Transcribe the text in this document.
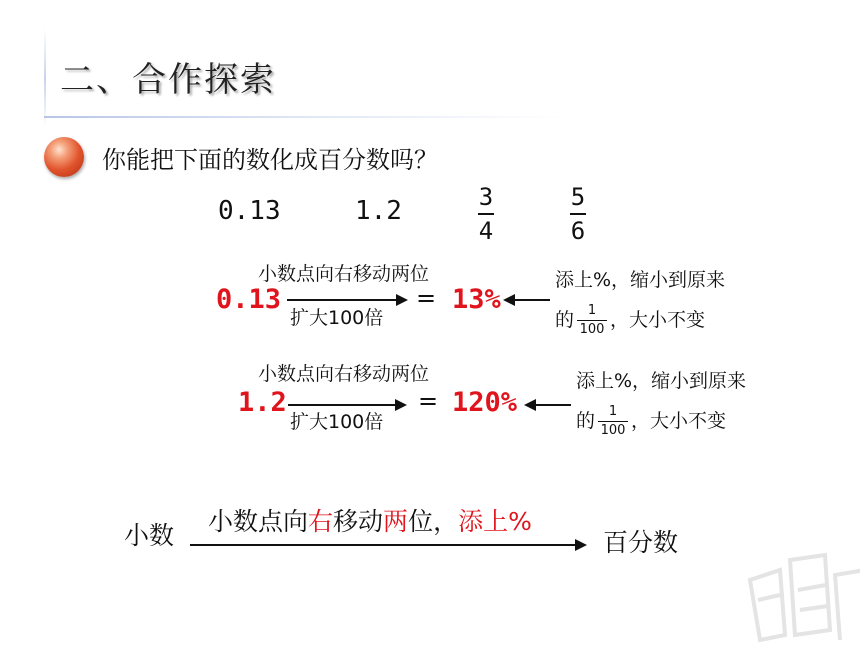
二、合作探索
你能把下面的数化成百分数吗？
0.13	1.2	3
4
5
6
小数点向右移动两位
0.13
扩大100倍
= 13%
添上%，缩小到原来
的 $\frac{1}{100}$ ，大小不变
小数点向右移动两位
1.2
扩大100倍
= 120%
添上%，缩小到原来
的 $\frac{1}{100}$ ，大小不变
小数 小数点向右移动两位，添上%
百分数
